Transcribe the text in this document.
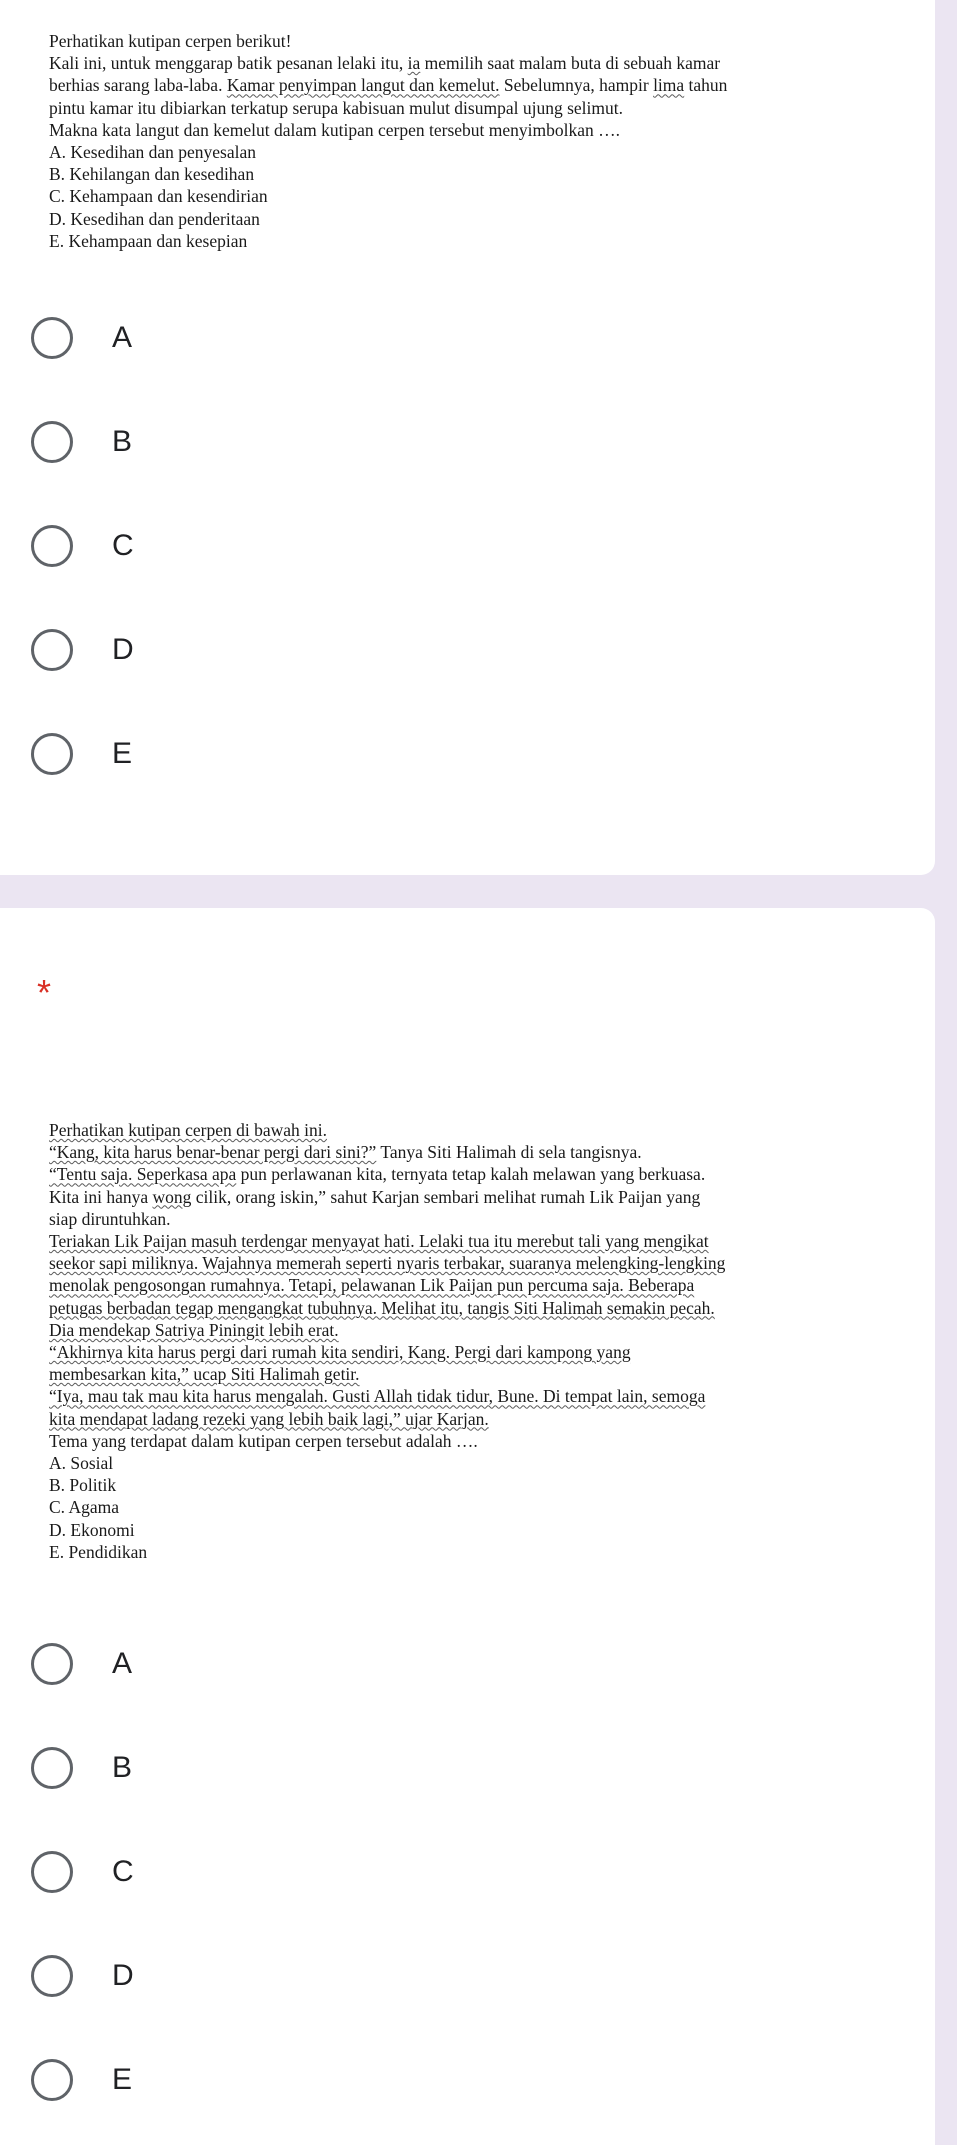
Perhatikan kutipan cerpen berikut!
Kali ini, untuk menggarap batik pesanan lelaki itu, ia memilih saat malam buta di sebuah kamar
berhias sarang laba-laba. Kamar penyimpan langut dan kemelut. Sebelumnya, hampir lima tahun
pintu kamar itu dibiarkan terkatup serupa kabisuan mulut disumpal ujung selimut.
Makna kata langut dan kemelut dalam kutipan cerpen tersebut menyimbolkan ….
A. Kesedihan dan penyesalan
B. Kehilangan dan kesedihan
C. Kehampaan dan kesendirian
D. Kesedihan dan penderitaan
E. Kehampaan dan kesepian
A
B
C
D
E
*
Perhatikan kutipan cerpen di bawah ini.
“Kang, kita harus benar-benar pergi dari sini?” Tanya Siti Halimah di sela tangisnya.
“Tentu saja. Seperkasa apa pun perlawanan kita, ternyata tetap kalah melawan yang berkuasa.
Kita ini hanya wong cilik, orang iskin,” sahut Karjan sembari melihat rumah Lik Paijan yang
siap diruntuhkan.
Teriakan Lik Paijan masuh terdengar menyayat hati. Lelaki tua itu merebut tali yang mengikat
seekor sapi miliknya. Wajahnya memerah seperti nyaris terbakar, suaranya melengking-lengking
menolak pengosongan rumahnya. Tetapi, pelawanan Lik Paijan pun percuma saja. Beberapa
petugas berbadan tegap mengangkat tubuhnya. Melihat itu, tangis Siti Halimah semakin pecah.
Dia mendekap Satriya Piningit lebih erat.
“Akhirnya kita harus pergi dari rumah kita sendiri, Kang. Pergi dari kampong yang
membesarkan kita,” ucap Siti Halimah getir.
“Iya, mau tak mau kita harus mengalah. Gusti Allah tidak tidur, Bune. Di tempat lain, semoga
kita mendapat ladang rezeki yang lebih baik lagi,” ujar Karjan.
Tema yang terdapat dalam kutipan cerpen tersebut adalah ….
A. Sosial
B. Politik
C. Agama
D. Ekonomi
E. Pendidikan
A
B
C
D
E
